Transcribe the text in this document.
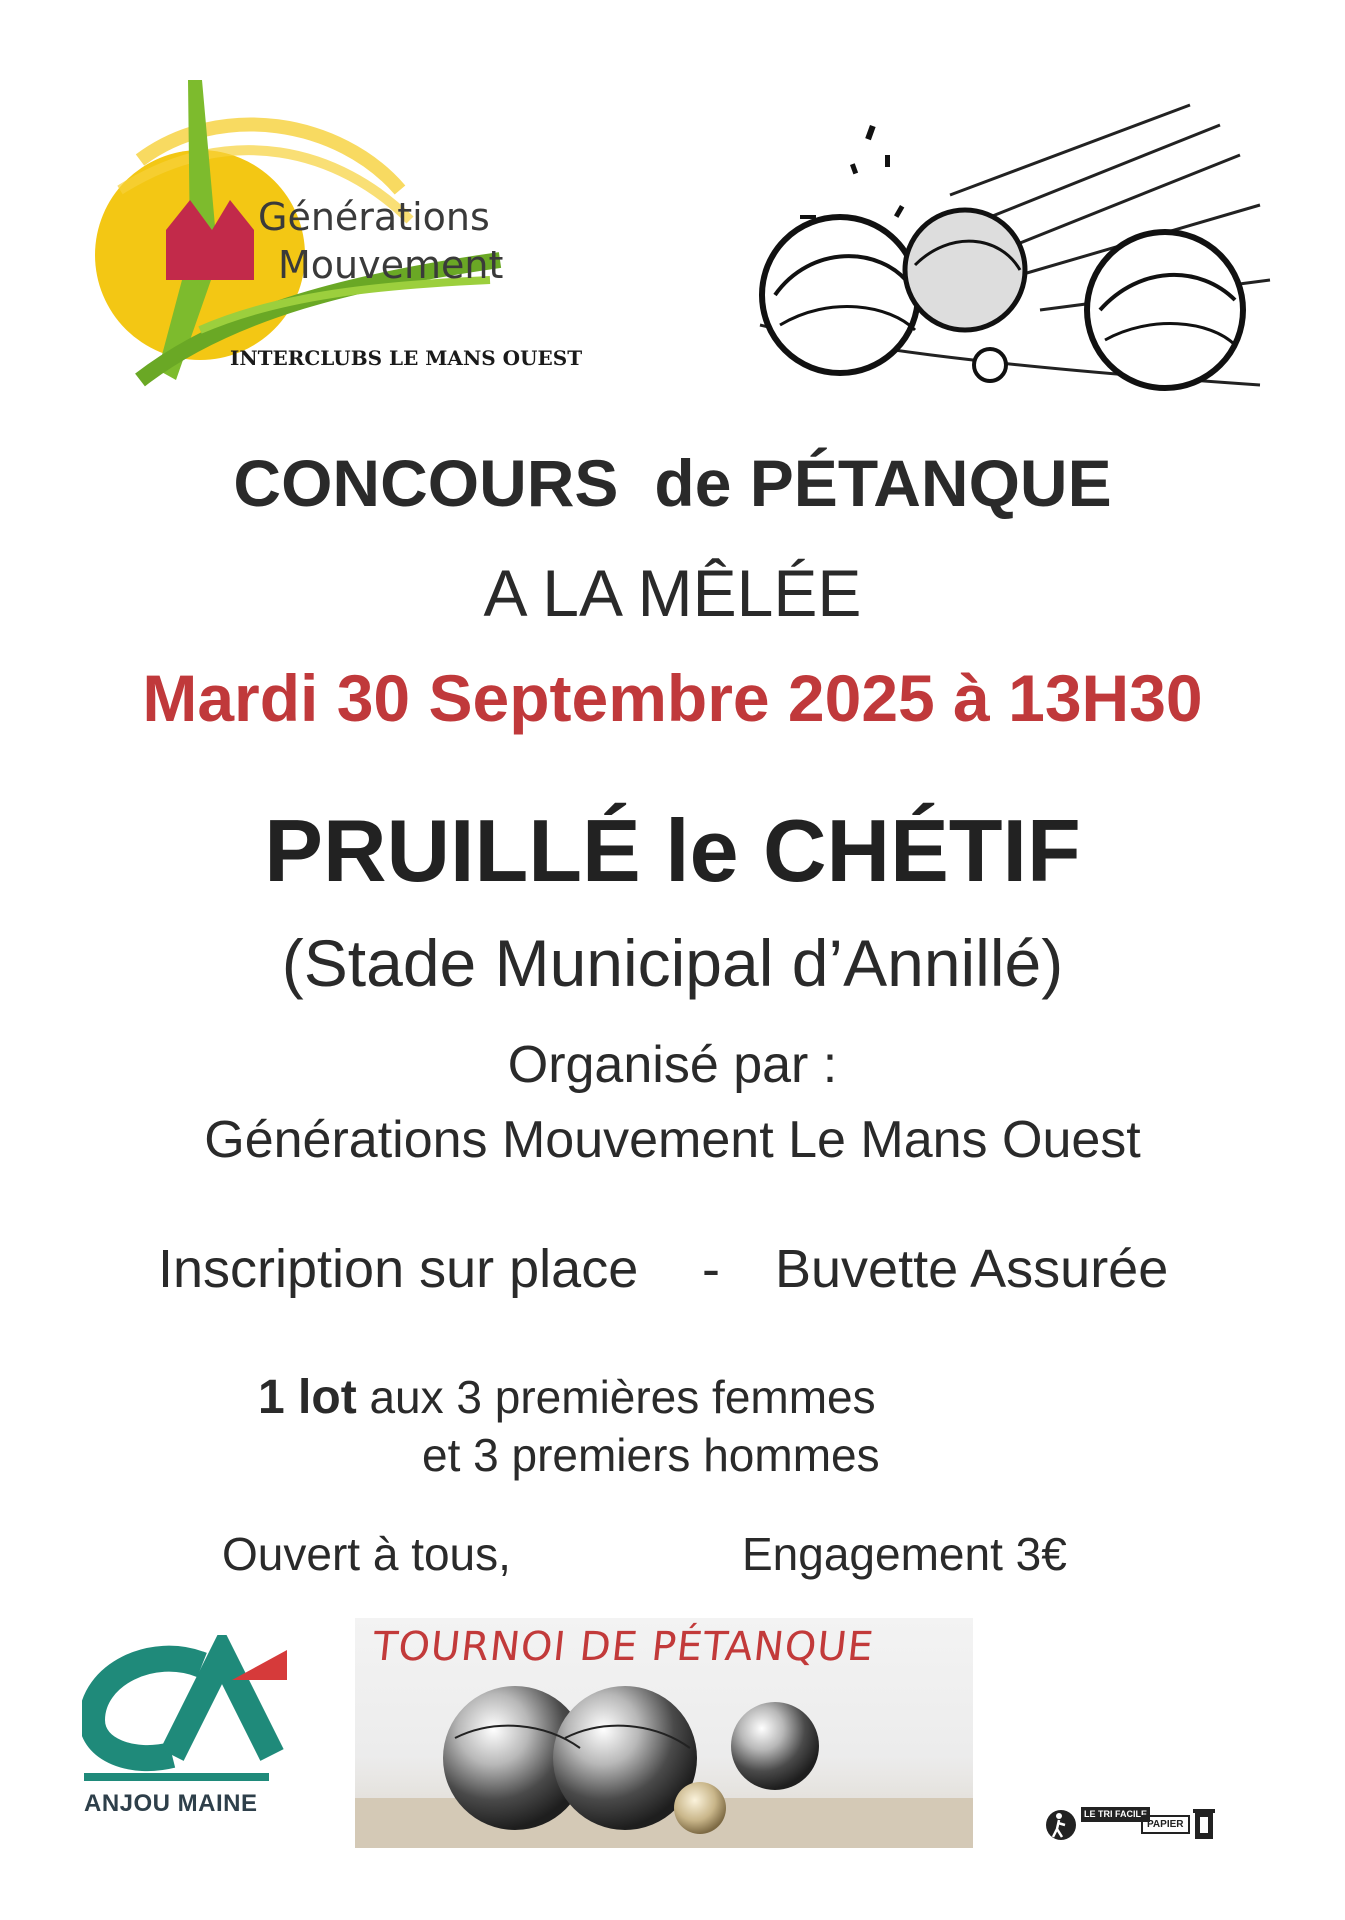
Générations
Mouvement
INTERCLUBS LE MANS OUEST
CONCOURS de PÉTANQUE
A LA MÊLÉE
Mardi 30 Septembre 2025 à 13H30
PRUILLÉ le CHÉTIF
(Stade Municipal d’Annillé)
Organisé par :
Générations Mouvement Le Mans Ouest
Inscription sur place - Buvette Assurée
1 lot aux 3 premières femmes
et 3 premiers hommes
Ouvert à tous,	Engagement 3€
ANJOU MAINE
TOURNOI DE PÉTANQUE
LE TRI FACILE
PAPIER
